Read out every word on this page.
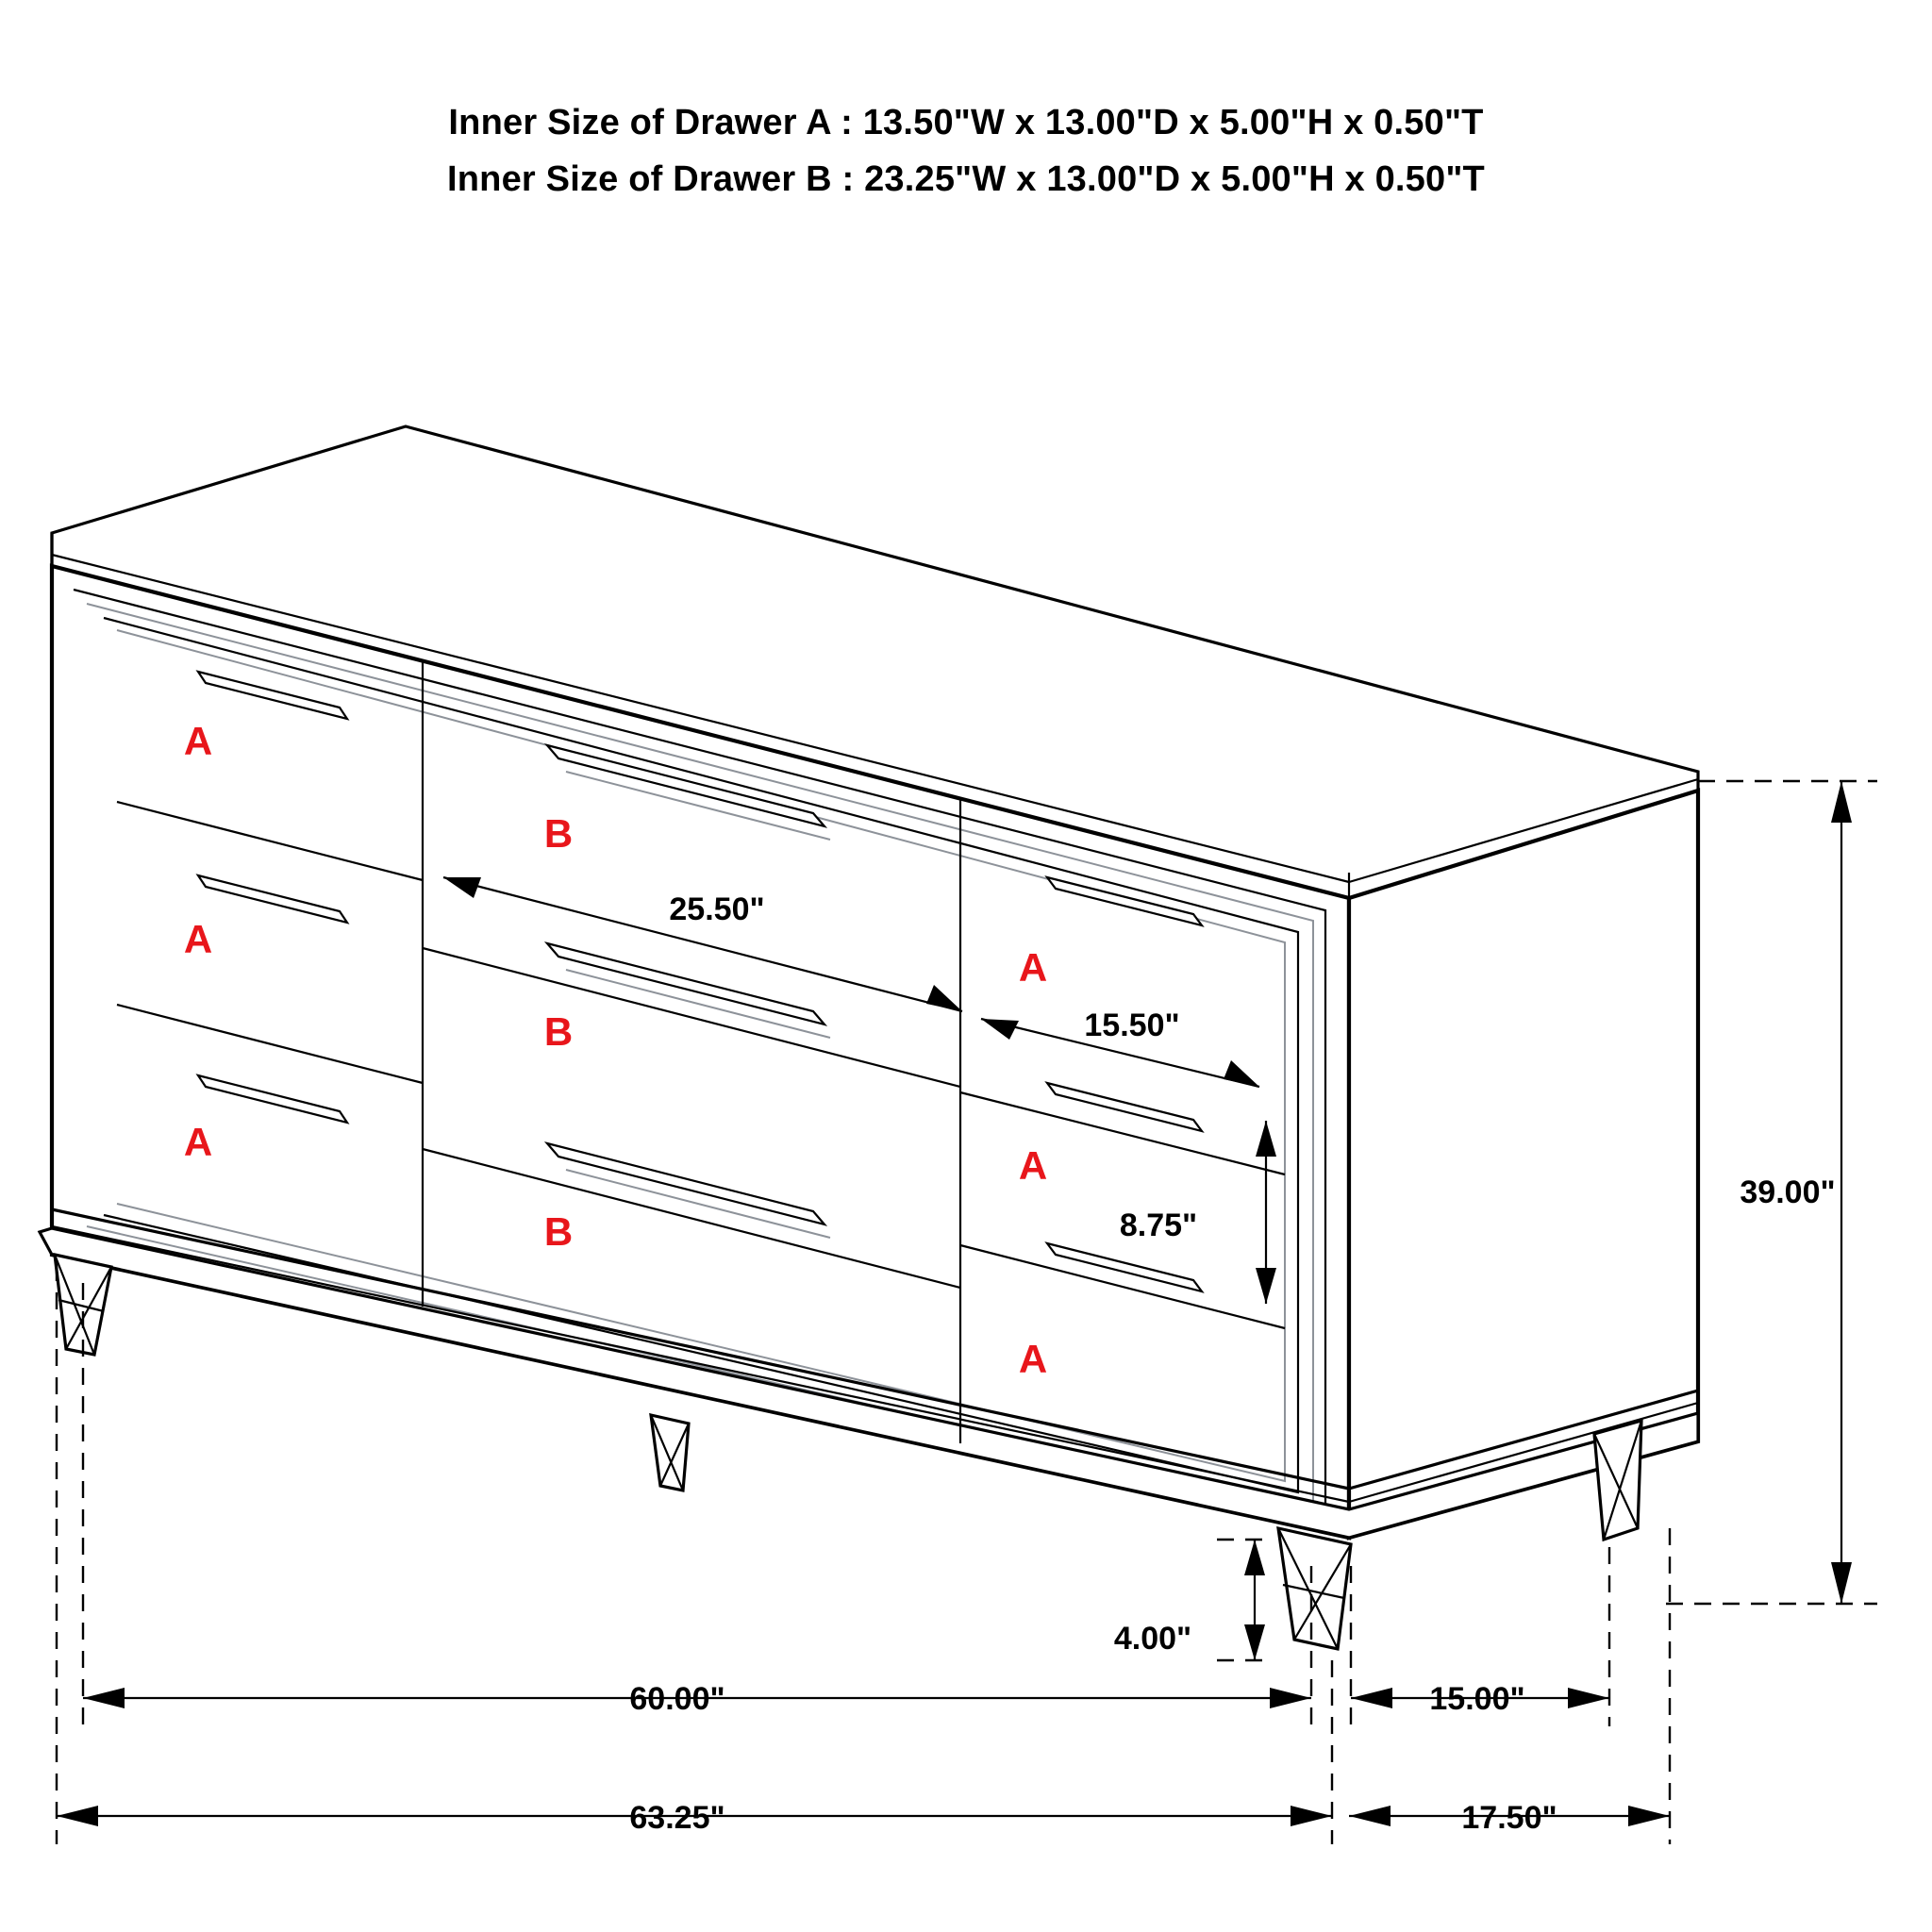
Inner Size of Drawer A : 13.50"W x 13.00"D x 5.00"H x 0.50"T
Inner Size of Drawer B : 23.25"W x 13.00"D x 5.00"H x 0.50"T
A
A
A
B
B
B
A
A
A
25.50"
15.50"
8.75"
39.00"
4.00"
60.00"	15.00"
63.25"	17.50"
